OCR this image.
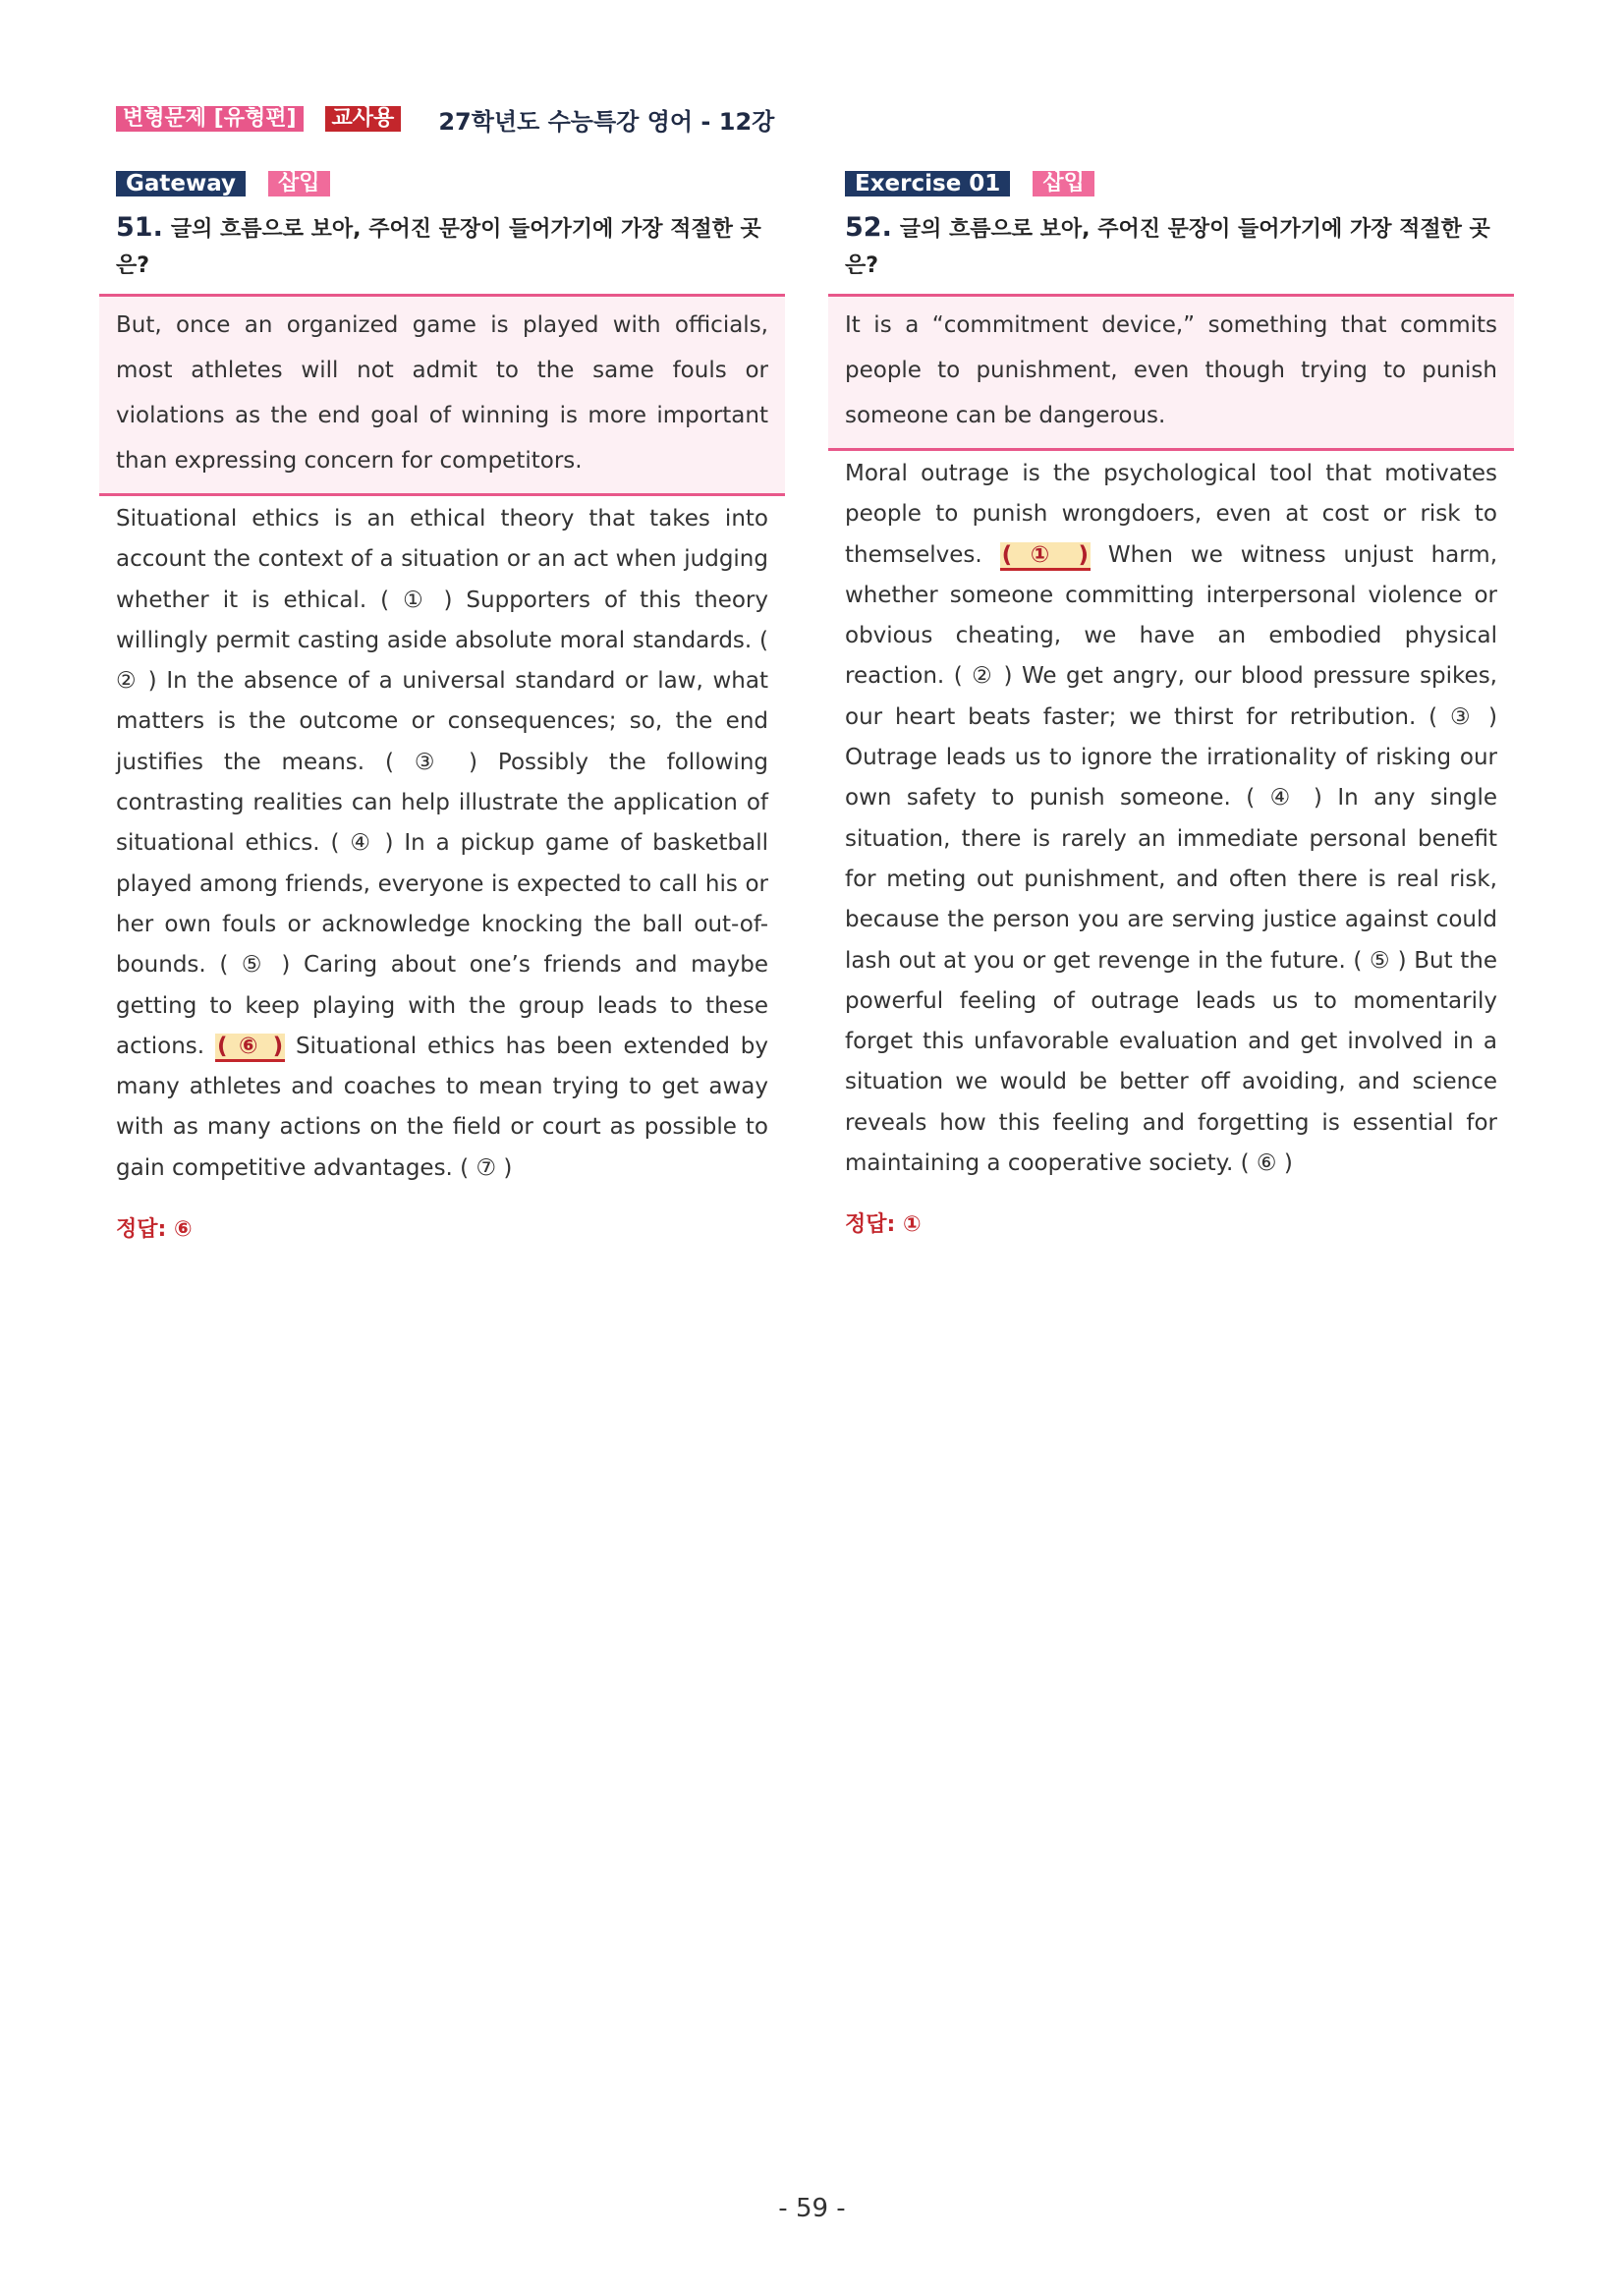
변형문제 [유형편]	교사용 27학년도 수능특강 영어 - 12강
Gateway	삽입
51. 글의 흐름으로 보아, 주어진 문장이 들어가기에 가장 적절한 곳은?
But, once an organized game is played with officials, most athletes will not admit to the same fouls or violations as the end goal of winning is more important than expressing concern for competitors.
Situational ethics is an ethical theory that takes into account the context of a situation or an act when judging whether it is ethical. ( ① ) Supporters of this theory willingly permit casting aside absolute moral standards. ( ② ) In the absence of a universal standard or law, what matters is the outcome or consequences; so, the end justifies the means. ( ③ ) Possibly the following contrasting realities can help illustrate the application of situational ethics. ( ④ ) In a pickup game of basketball played among friends, everyone is expected to call his or her own fouls or acknowledge knocking the ball out-of-bounds. ( ⑤ ) Caring about one’s friends and maybe getting to keep playing with the group leads to these actions. ( ⑥ ) Situational ethics has been extended by many athletes and coaches to mean trying to get away with as many actions on the field or court as possible to gain competitive advantages. ( ⑦ )
정답: ⑥
Exercise 01	삽입
52. 글의 흐름으로 보아, 주어진 문장이 들어가기에 가장 적절한 곳은?
It is a “commitment device,” something that commits people to punishment, even though trying to punish someone can be dangerous.
Moral outrage is the psychological tool that motivates people to punish wrongdoers, even at cost or risk to themselves. ( ① ) When we witness unjust harm, whether someone committing interpersonal violence or obvious cheating, we have an embodied physical reaction. ( ② ) We get angry, our blood pressure spikes, our heart beats faster; we thirst for retribution. ( ③ ) Outrage leads us to ignore the irrationality of risking our own safety to punish someone. ( ④ ) In any single situation, there is rarely an immediate personal benefit for meting out punishment, and often there is real risk, because the person you are serving justice against could lash out at you or get revenge in the future. ( ⑤ ) But the powerful feeling of outrage leads us to momentarily forget this unfavorable evaluation and get involved in a situation we would be better off avoiding, and science reveals how this feeling and forgetting is essential for maintaining a cooperative society. ( ⑥ )
정답: ①
- 59 -
